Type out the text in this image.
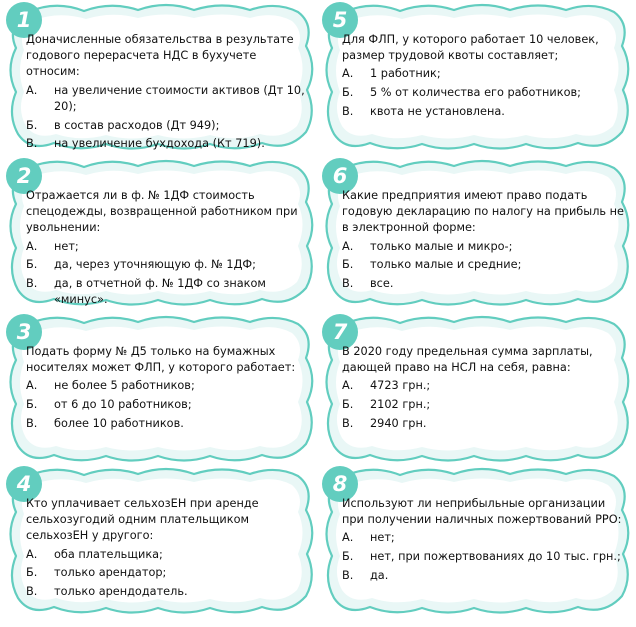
1
Доначисленные обязательства в результате годового перерасчета НДС в бухучете относим:
А.	на увеличение стоимости активов (Дт 10, 20);
Б.	в состав расходов (Дт 949);
В.	на увеличение бухдохода (Кт 719).
5
Для ФЛП, у которого работает 10 человек, размер трудовой квоты составляет;
А.	1 работник;
Б.	5 % от количества его работников;
В.	квота не установлена.
2
Отражается ли в ф. № 1ДФ стоимость спецодежды, возвращенной работником при увольнении:
А.	нет;
Б.	да, через уточняющую ф. № 1ДФ;
В.	да, в отчетной ф. № 1ДФ со знаком «минус».
6
Какие предприятия имеют право подать годовую декларацию по налогу на прибыль не в электронной форме:
А.	только малые и микро-;
Б.	только малые и средние;
В.	все.
3
Подать форму № Д5 только на бумажных носителях может ФЛП, у которого работает:
А.	не более 5 работников;
Б.	от 6 до 10 работников;
В.	более 10 работников.
7
В 2020 году предельная сумма зарплаты, дающей право на НСЛ на себя, равна:
А.	4723 грн.;
Б.	2102 грн.;
В.	2940 грн.
4
Кто уплачивает сельхозЕН при аренде сельхозугодий одним плательщиком сельхозЕН у другого:
А.	оба плательщика;
Б.	только арендатор;
В.	только арендодатель.
8
Используют ли неприбыльные организации при получении наличных пожертвований РРО:
А.	нет;
Б.	нет, при пожертвованиях до 10 тыс. грн.;
В.	да.
